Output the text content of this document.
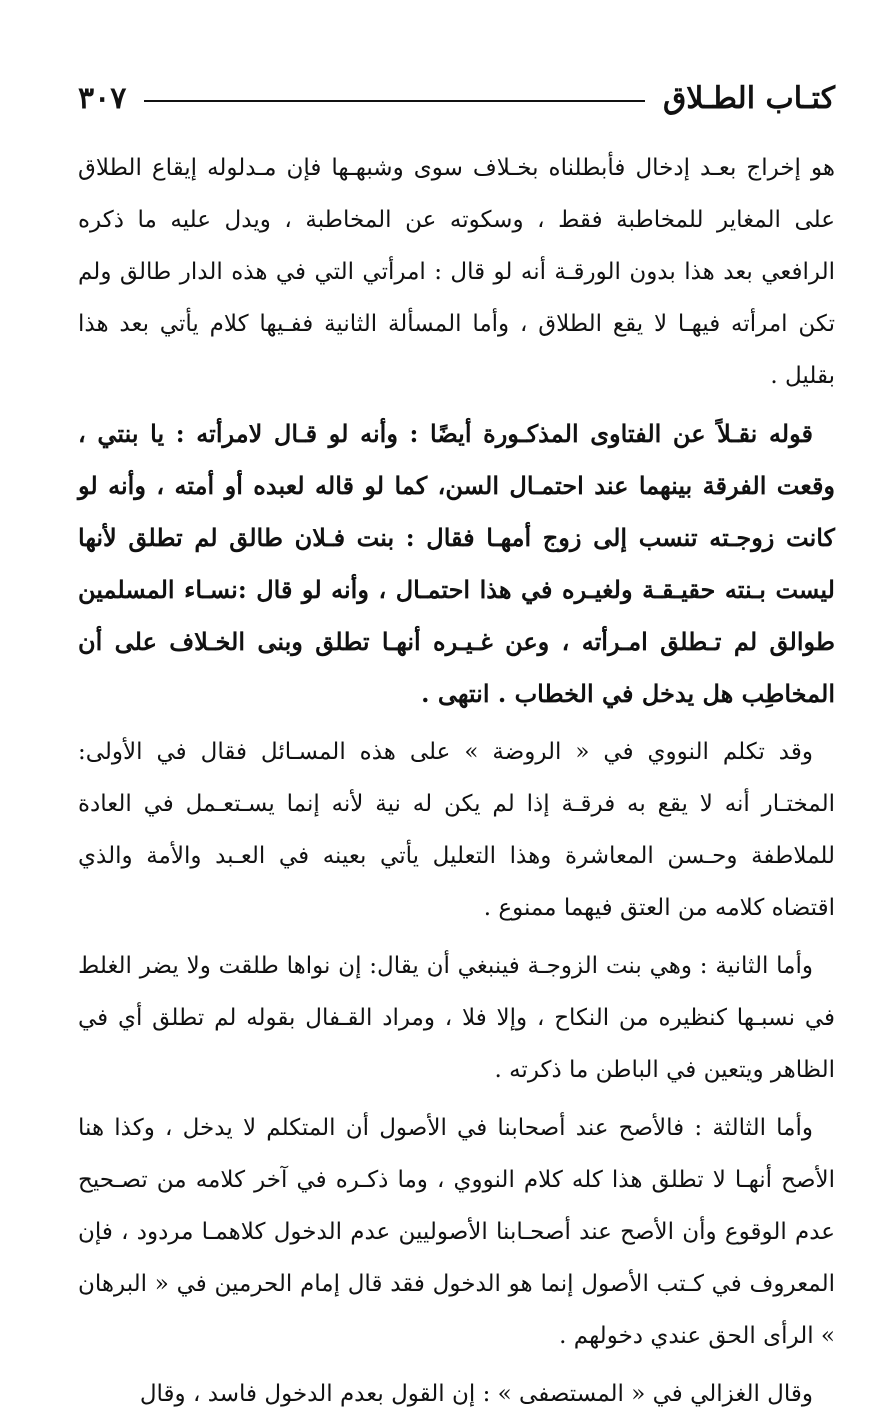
كتـاب الطـلاق
٣٠٧

هو إخراج بعـد إدخال فأبطلناه بخـلاف سوى وشبهـها فإن مـدلوله إيقاع الطلاق على المغاير للمخاطبة فقط ، وسكوته عن المخاطبة ، ويدل عليه ما ذكره الرافعي بعد هذا بدون الورقـة أنه لو قال : امرأتي التي في هذه الدار طالق ولم تكن امرأته فيهـا لا يقع الطلاق ، وأما المسألة الثانية ففـيها كلام يأتي بعد هذا بقليل .

قوله نقـلاً عن الفتاوى المذكـورة أيضًا : وأنه لو قـال لامرأته : يا بنتي ، وقعت الفرقة بينهما عند احتمـال السن، كما لو قاله لعبده أو أمته ، وأنه لو كانت زوجـته تنسب إلى زوج أمهـا فقال : بنت فـلان طالق لم تطلق لأنها ليست بـنته حقيـقـة ولغيـره في هذا احتمـال ، وأنه لو قال :نسـاء المسلمين طوالق لم تـطلق امـرأته ، وعن غـيـره أنهـا تطلق وبنى الخـلاف على أن المخاطِب هل يدخل في الخطاب . انتهى .

وقد تكلم النووي في « الروضة » على هذه المسـائل فقال في الأولى: المختـار أنه لا يقع به فرقـة إذا لم يكن له نية لأنه إنما يسـتعـمل في العادة للملاطفة وحـسن المعاشرة وهذا التعليل يأتي بعينه في العـبد والأمة والذي اقتضاه كلامه من العتق فيهما ممنوع .

وأما الثانية : وهي بنت الزوجـة فينبغي أن يقال: إن نواها طلقت ولا يضر الغلط في نسبـها كنظيره من النكاح ، وإلا فلا ، ومراد القـفال بقوله لم تطلق أي في الظاهر ويتعين في الباطن ما ذكرته .

وأما الثالثة : فالأصح عند أصحابنا في الأصول أن المتكلم لا يدخل ، وكذا هنا الأصح أنهـا لا تطلق هذا كله كلام النووي ، وما ذكـره في آخر كلامه من تصـحيح عدم الوقوع وأن الأصح عند أصحـابنا الأصوليين عدم الدخول كلاهمـا مردود ، فإن المعروف في كـتب الأصول إنما هو الدخول فقد قال إمام الحرمين في « البرهان » الرأى الحق عندي دخولهم .

وقال الغزالي في « المستصفى » : إن القول بعدم الدخول فاسد ، وقال
